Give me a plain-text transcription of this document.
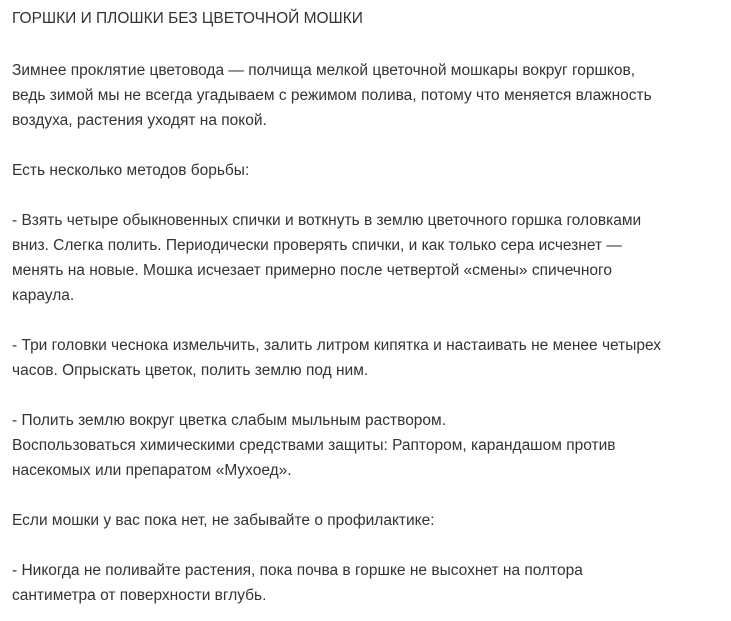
ГОРШКИ И ПЛОШКИ БЕЗ ЦВЕТОЧНОЙ МОШКИ

Зимнее проклятие цветовода — полчища мелкой цветочной мошкары вокруг горшков,
ведь зимой мы не всегда угадываем с режимом полива, потому что меняется влажность
воздуха, растения уходят на покой.

Есть несколько методов борьбы:

- Взять четыре обыкновенных спички и воткнуть в землю цветочного горшка головками
вниз. Слегка полить. Периодически проверять спички, и как только сера исчезнет —
менять на новые. Мошка исчезает примерно после четвертой «смены» спичечного
караула.

- Три головки чеснока измельчить, залить литром кипятка и настаивать не менее четырех
часов. Опрыскать цветок, полить землю под ним.

- Полить землю вокруг цветка слабым мыльным раствором.
Воспользоваться химическими средствами защиты: Раптором, карандашом против
насекомых или препаратом «Мухоед».

Если мошки у вас пока нет, не забывайте о профилактике:

- Никогда не поливайте растения, пока почва в горшке не высохнет на полтора
сантиметра от поверхности вглубь.
